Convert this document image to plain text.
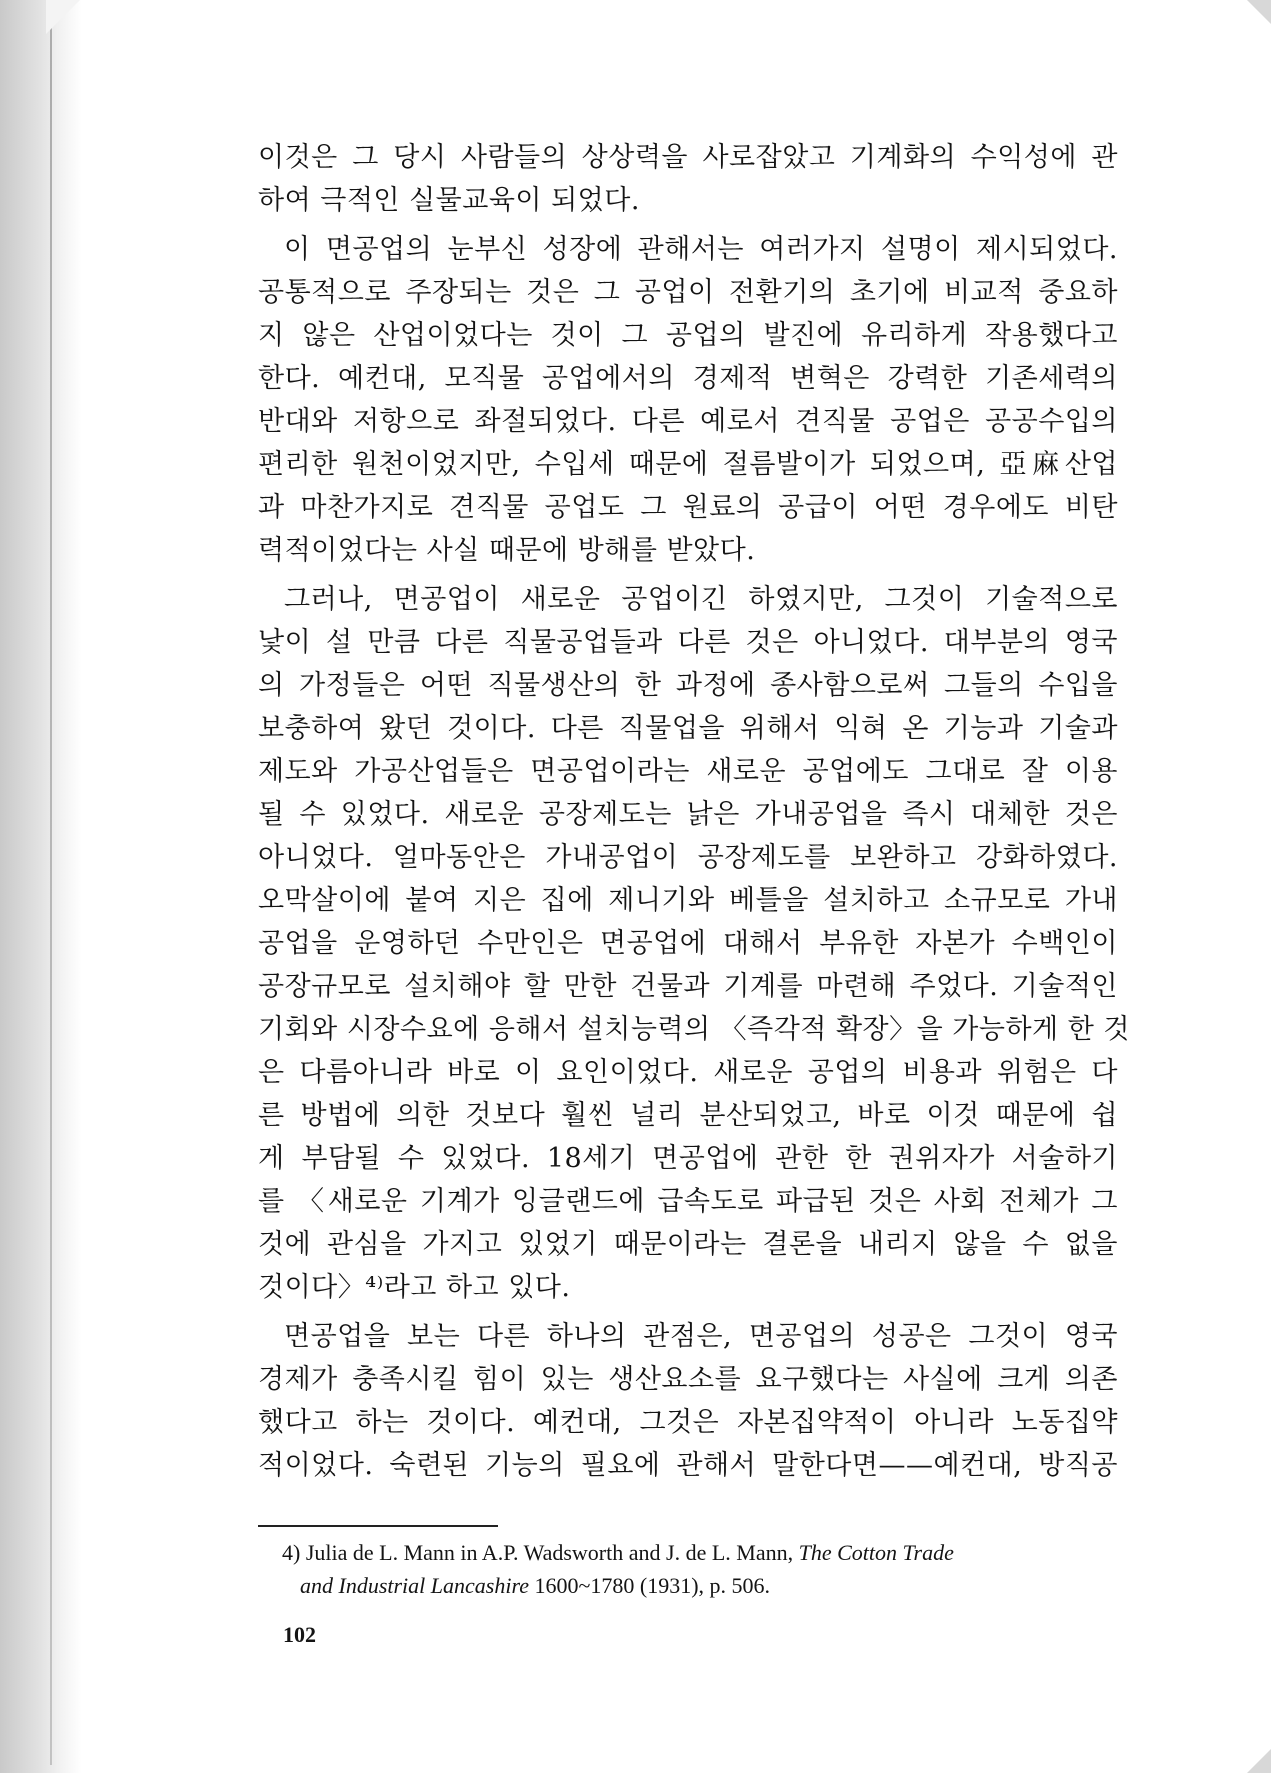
이것은 그 당시 사람들의 상상력을 사로잡았고 기계화의 수익성에 관
하여 극적인 실물교육이 되었다.
이 면공업의 눈부신 성장에 관해서는 여러가지 설명이 제시되었다.
공통적으로 주장되는 것은 그 공업이 전환기의 초기에 비교적 중요하
지 않은 산업이었다는 것이 그 공업의 발진에 유리하게 작용했다고
한다. 예컨대, 모직물 공업에서의 경제적 변혁은 강력한 기존세력의
반대와 저항으로 좌절되었다. 다른 예로서 견직물 공업은 공공수입의
편리한 원천이었지만, 수입세 때문에 절름발이가 되었으며, 亞麻산업
과 마찬가지로 견직물 공업도 그 원료의 공급이 어떤 경우에도 비탄
력적이었다는 사실 때문에 방해를 받았다.
그러나, 면공업이 새로운 공업이긴 하였지만, 그것이 기술적으로
낯이 설 만큼 다른 직물공업들과 다른 것은 아니었다. 대부분의 영국
의 가정들은 어떤 직물생산의 한 과정에 종사함으로써 그들의 수입을
보충하여 왔던 것이다. 다른 직물업을 위해서 익혀 온 기능과 기술과
제도와 가공산업들은 면공업이라는 새로운 공업에도 그대로 잘 이용
될 수 있었다. 새로운 공장제도는 낡은 가내공업을 즉시 대체한 것은
아니었다. 얼마동안은 가내공업이 공장제도를 보완하고 강화하였다.
오막살이에 붙여 지은 집에 제니기와 베틀을 설치하고 소규모로 가내
공업을 운영하던 수만인은 면공업에 대해서 부유한 자본가 수백인이
공장규모로 설치해야 할 만한 건물과 기계를 마련해 주었다. 기술적인
기회와 시장수요에 응해서 설치능력의 〈즉각적 확장〉을 가능하게 한 것
은 다름아니라 바로 이 요인이었다. 새로운 공업의 비용과 위험은 다
른 방법에 의한 것보다 훨씬 널리 분산되었고, 바로 이것 때문에 쉽
게 부담될 수 있었다. 18세기 면공업에 관한 한 권위자가 서술하기
를 〈새로운 기계가 잉글랜드에 급속도로 파급된 것은 사회 전체가 그
것에 관심을 가지고 있었기 때문이라는 결론을 내리지 않을 수 없을
것이다〉⁴⁾라고 하고 있다.
면공업을 보는 다른 하나의 관점은, 면공업의 성공은 그것이 영국
경제가 충족시킬 힘이 있는 생산요소를 요구했다는 사실에 크게 의존
했다고 하는 것이다. 예컨대, 그것은 자본집약적이 아니라 노동집약
적이었다. 숙련된 기능의 필요에 관해서 말한다면——예컨대, 방직공
4) Julia de L. Mann in A.P. Wadsworth and J. de L. Mann, The Cotton Trade
and Industrial Lancashire 1600~1780 (1931), p. 506.
102
